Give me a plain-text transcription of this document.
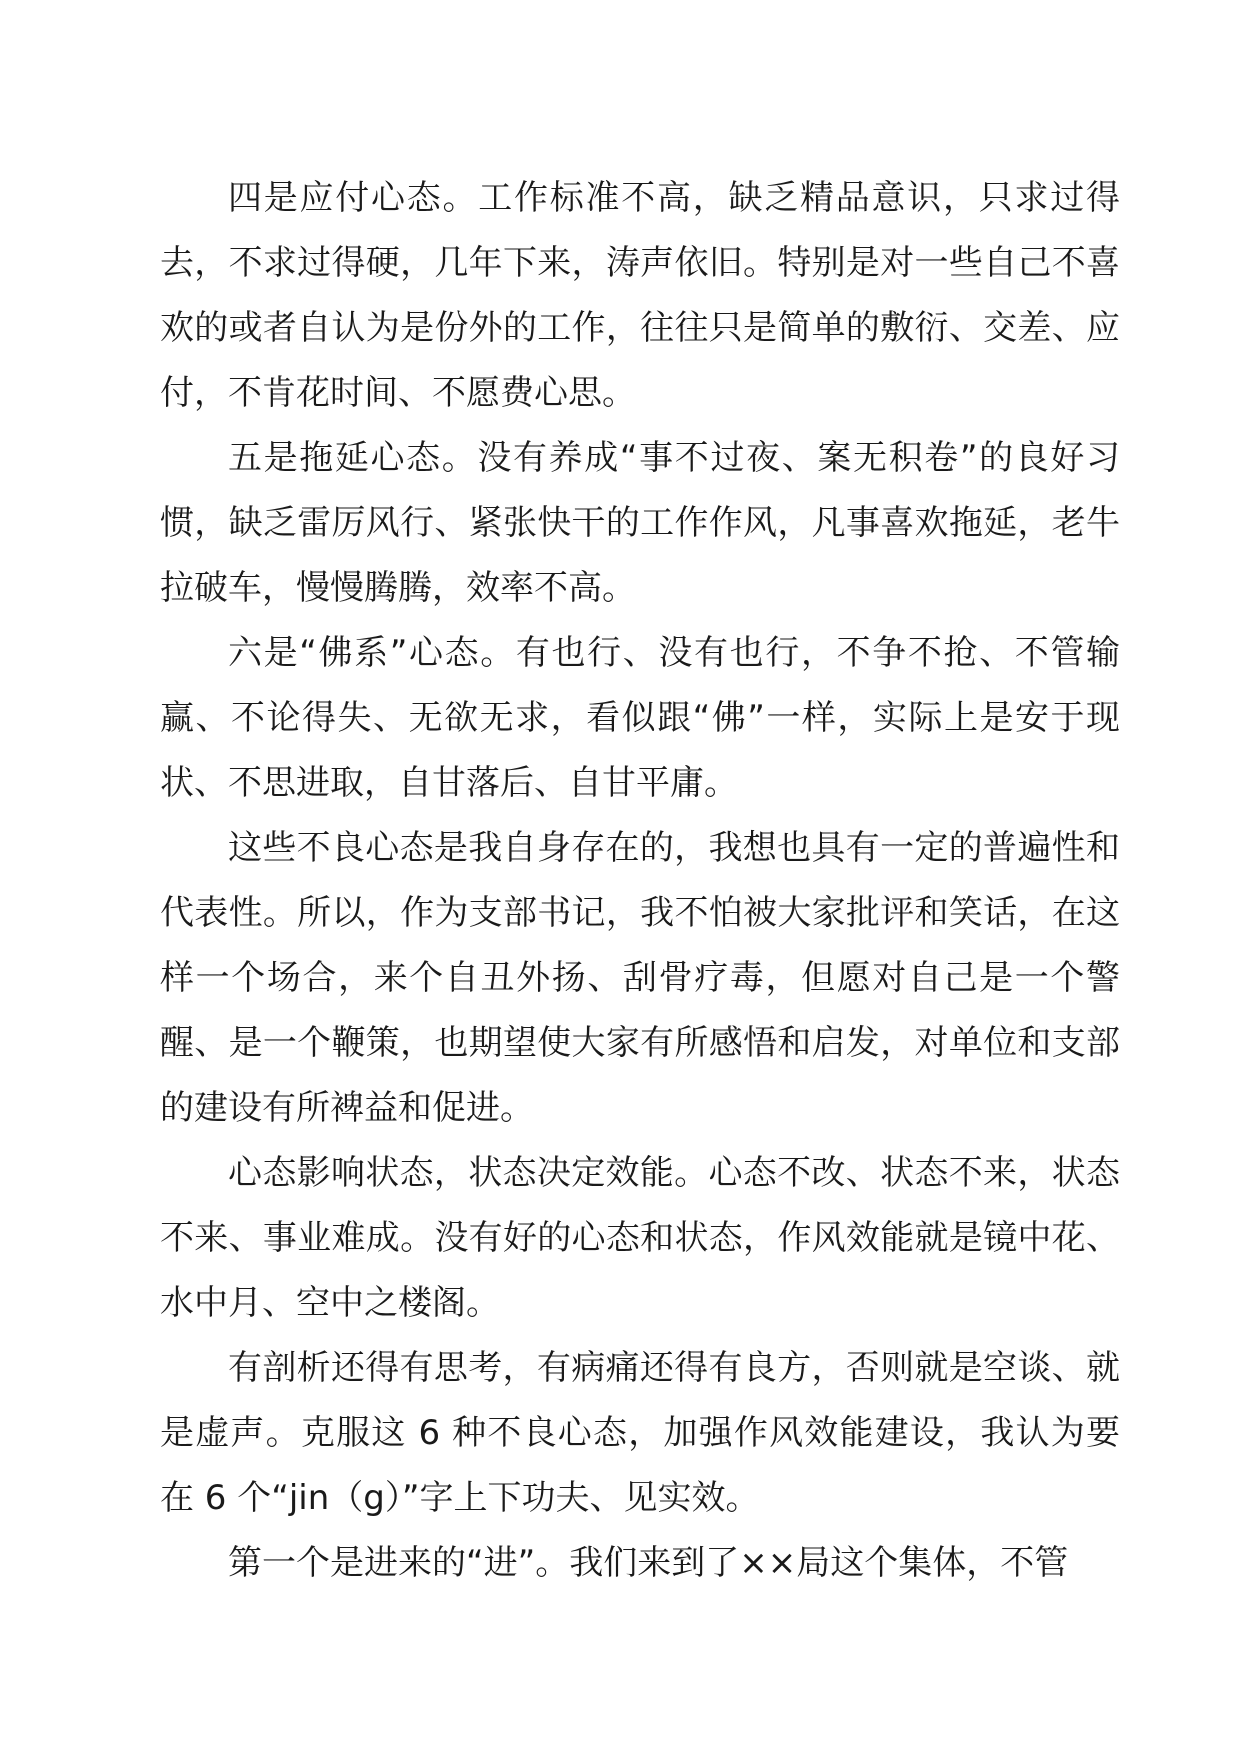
四是应付心态。工作标准不高，缺乏精品意识，只求过得去，不求过得硬，几年下来，涛声依旧。特别是对一些自己不喜欢的或者自认为是份外的工作，往往只是简单的敷衍、交差、应付，不肯花时间、不愿费心思。

五是拖延心态。没有养成“事不过夜、案无积卷”的良好习惯，缺乏雷厉风行、紧张快干的工作作风，凡事喜欢拖延，老牛拉破车，慢慢腾腾，效率不高。

六是“佛系”心态。有也行、没有也行，不争不抢、不管输赢、不论得失、无欲无求，看似跟“佛”一样，实际上是安于现状、不思进取，自甘落后、自甘平庸。

这些不良心态是我自身存在的，我想也具有一定的普遍性和代表性。所以，作为支部书记，我不怕被大家批评和笑话，在这样一个场合，来个自丑外扬、刮骨疗毒，但愿对自己是一个警醒、是一个鞭策，也期望使大家有所感悟和启发，对单位和支部的建设有所裨益和促进。

心态影响状态，状态决定效能。心态不改、状态不来，状态不来、事业难成。没有好的心态和状态，作风效能就是镜中花、水中月、空中之楼阁。

有剖析还得有思考，有病痛还得有良方，否则就是空谈、就是虚声。克服这 6 种不良心态，加强作风效能建设，我认为要在 6 个“jin（g）”字上下功夫、见实效。

第一个是进来的“进”。我们来到了××局这个集体，不管
